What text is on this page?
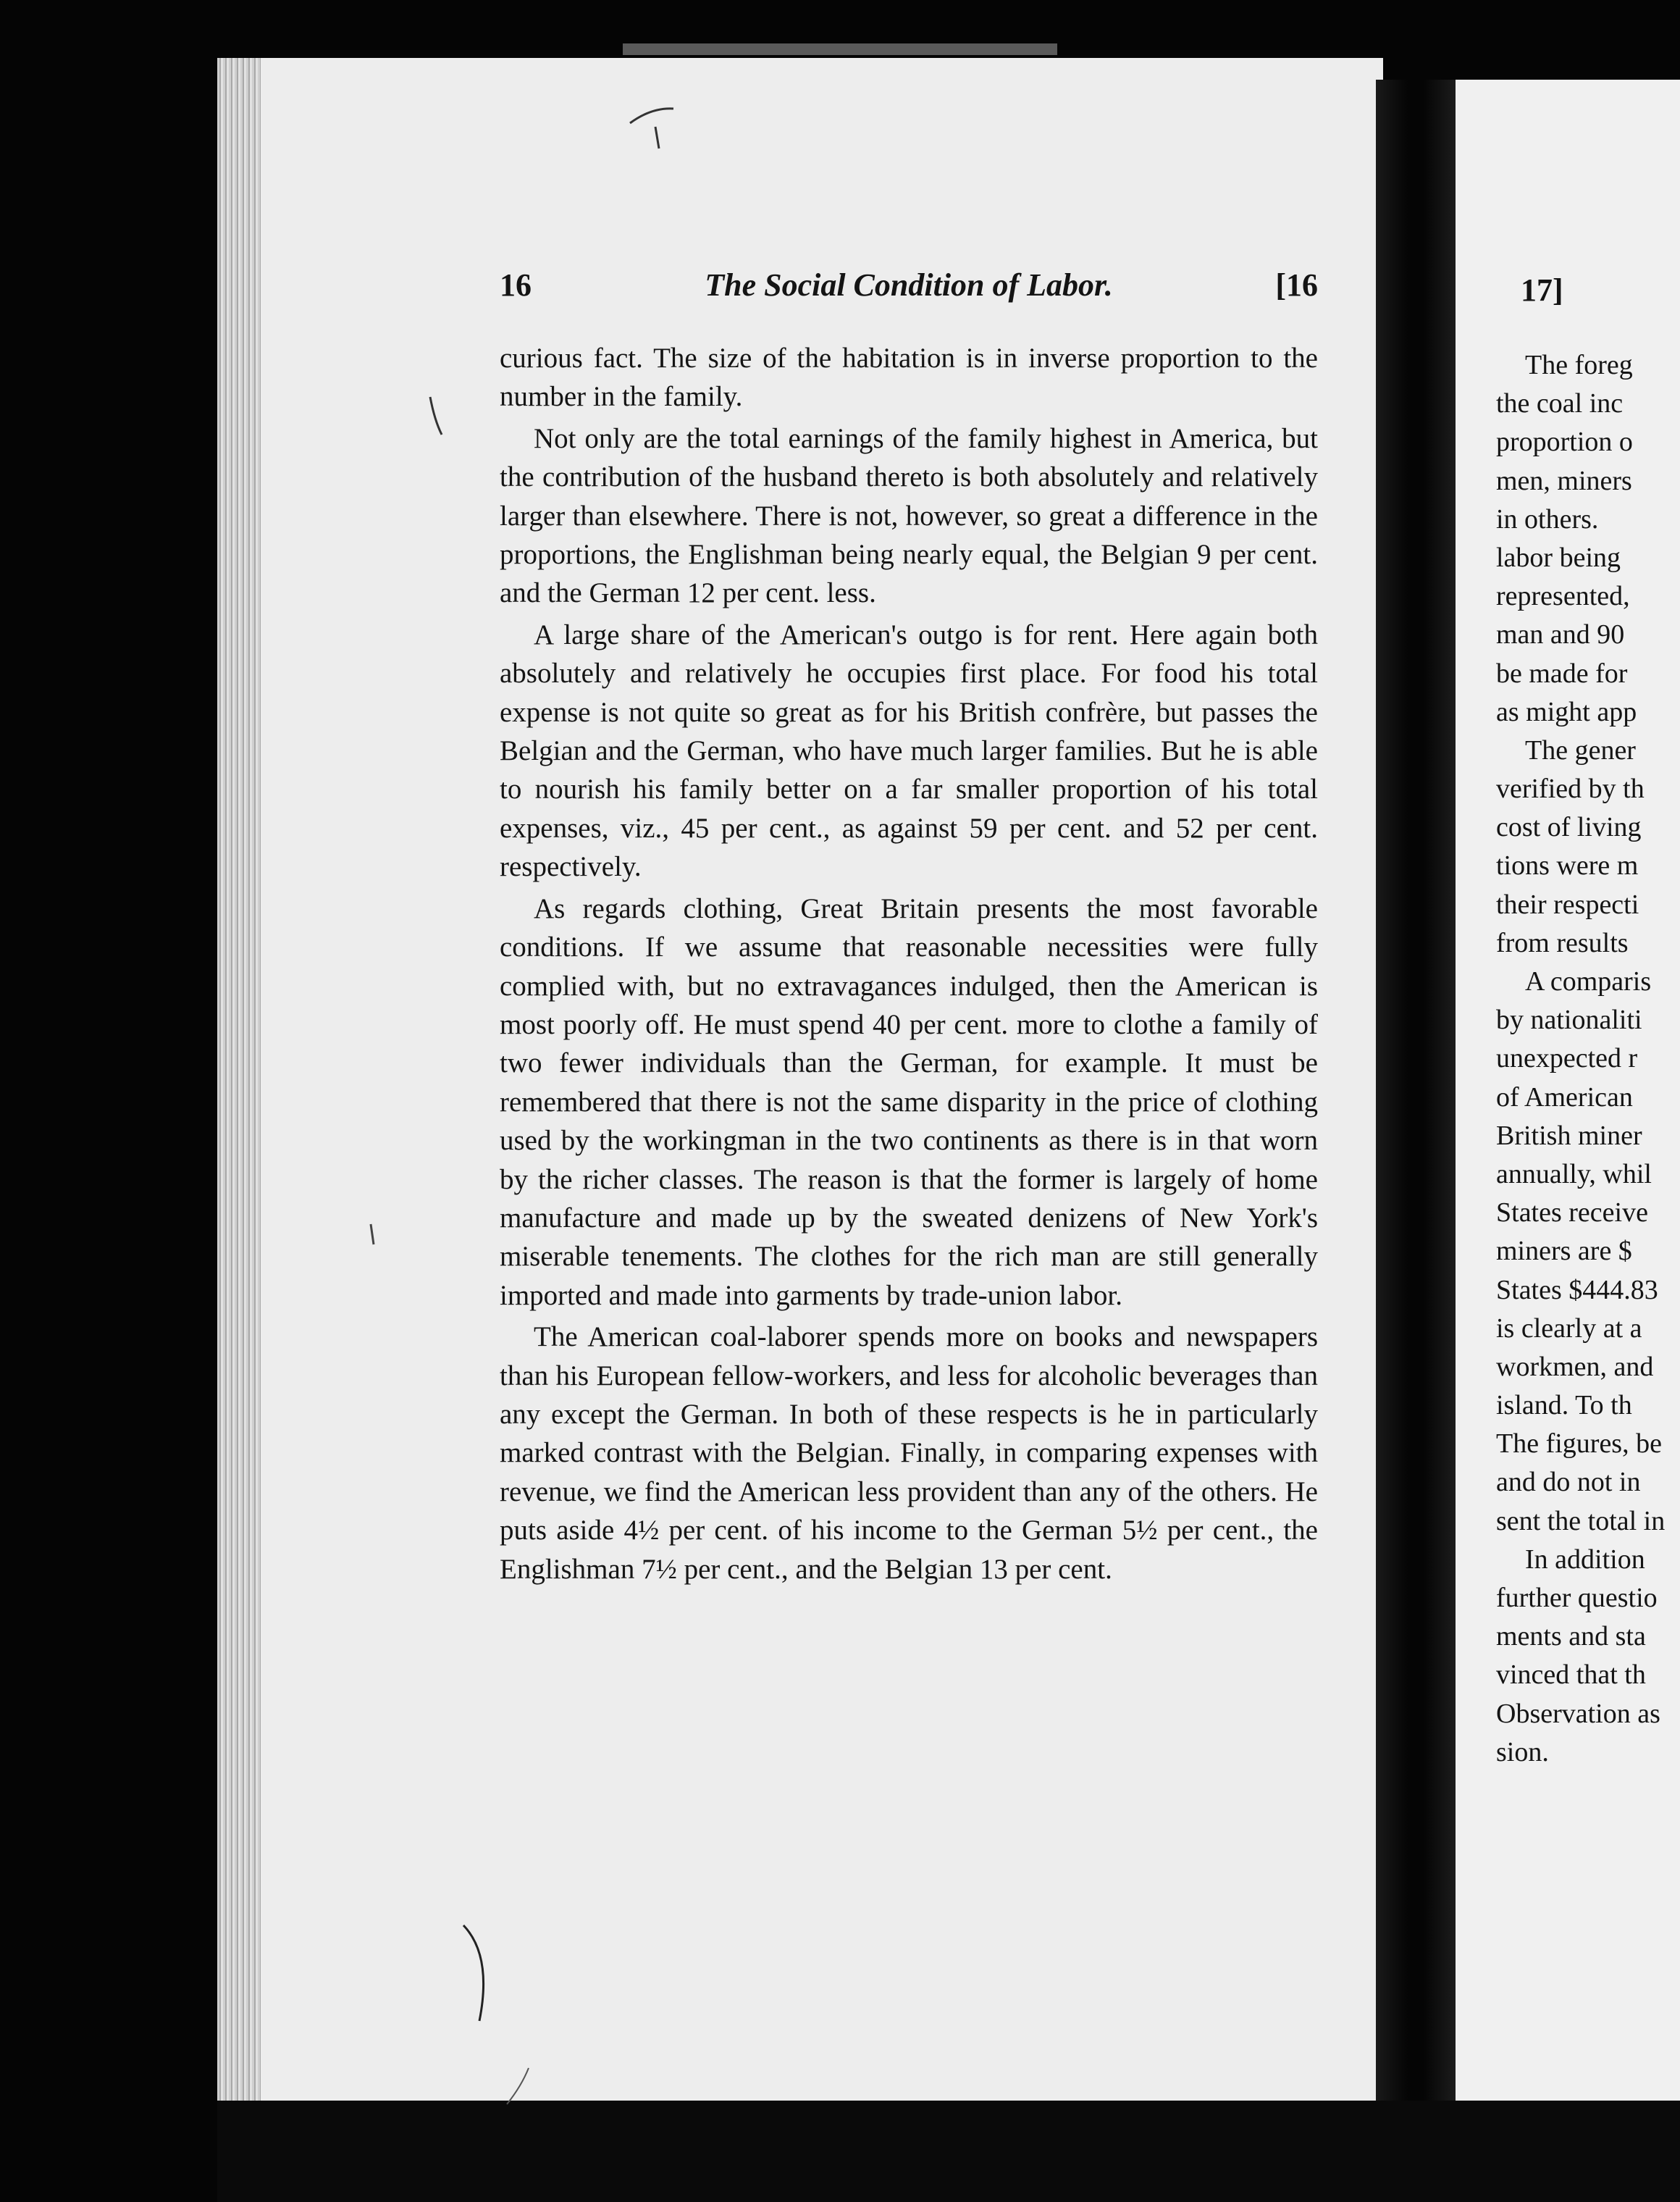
16	The Social Condition of Labor.	[16

curious fact. The size of the habitation is in inverse proportion to the number in the family.

Not only are the total earnings of the family highest in America, but the contribution of the husband thereto is both absolutely and relatively larger than elsewhere. There is not, however, so great a difference in the proportions, the Englishman being nearly equal, the Belgian 9 per cent. and the German 12 per cent. less.

A large share of the American's outgo is for rent. Here again both absolutely and relatively he occupies first place. For food his total expense is not quite so great as for his British confrère, but passes the Belgian and the German, who have much larger families. But he is able to nourish his family better on a far smaller proportion of his total expenses, viz., 45 per cent., as against 59 per cent. and 52 per cent. respectively.

As regards clothing, Great Britain presents the most favorable conditions. If we assume that reasonable necessities were fully complied with, but no extravagances indulged, then the American is most poorly off. He must spend 40 per cent. more to clothe a family of two fewer individuals than the German, for example. It must be remembered that there is not the same disparity in the price of clothing used by the workingman in the two continents as there is in that worn by the richer classes. The reason is that the former is largely of home manufacture and made up by the sweated denizens of New York's miserable tenements. The clothes for the rich man are still generally imported and made into garments by trade-union labor.

The American coal-laborer spends more on books and newspapers than his European fellow-workers, and less for alcoholic beverages than any except the German. In both of these respects is he in particularly marked contrast with the Belgian. Finally, in comparing expenses with revenue, we find the American less provident than any of the others. He puts aside 4½ per cent. of his income to the German 5½ per cent., the Englishman 7½ per cent., and the Belgian 13 per cent.

17]
The foreg
the coal inc
proportion o
men, miners
in others.
labor being
represented,
man and 90
be made for
as might app
The gener
verified by th
cost of living
tions were m
their respecti
from results
A comparis
by nationaliti
unexpected r
of American
British miner
annually, whil
States receive
miners are $
States $444.83
is clearly at a
workmen, and
island. To th
The figures, be
and do not in
sent the total in
In addition
further questio
ments and sta
vinced that th
Observation as
sion.
